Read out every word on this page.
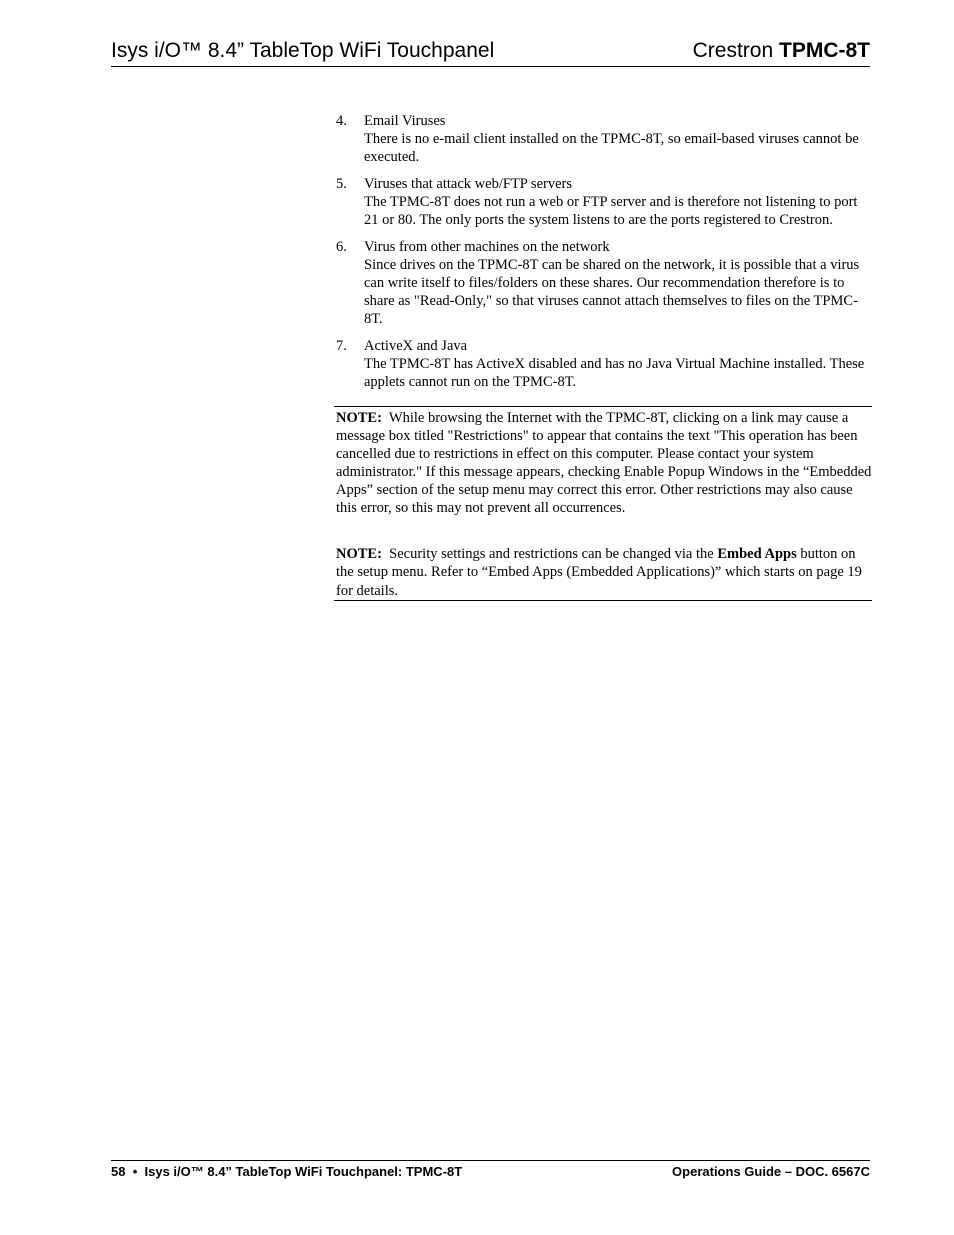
Isys i/O™ 8.4” TableTop WiFi Touchpanel	Crestron TPMC-8T
4. Email Viruses
There is no e-mail client installed on the TPMC-8T, so email-based viruses cannot be executed.
5. Viruses that attack web/FTP servers
The TPMC-8T does not run a web or FTP server and is therefore not listening to port 21 or 80. The only ports the system listens to are the ports registered to Crestron.
6. Virus from other machines on the network
Since drives on the TPMC-8T can be shared on the network, it is possible that a virus can write itself to files/folders on these shares. Our recommendation therefore is to share as "Read-Only," so that viruses cannot attach themselves to files on the TPMC-8T.
7. ActiveX and Java
The TPMC-8T has ActiveX disabled and has no Java Virtual Machine installed. These applets cannot run on the TPMC-8T.

NOTE: While browsing the Internet with the TPMC-8T, clicking on a link may cause a message box titled "Restrictions" to appear that contains the text "This operation has been cancelled due to restrictions in effect on this computer. Please contact your system administrator." If this message appears, checking Enable Popup Windows in the “Embedded Apps” section of the setup menu may correct this error. Other restrictions may also cause this error, so this may not prevent all occurrences.

NOTE: Security settings and restrictions can be changed via the Embed Apps button on the setup menu. Refer to “Embed Apps (Embedded Applications)” which starts on page 19 for details.

58 • Isys i/O™ 8.4” TableTop WiFi Touchpanel: TPMC-8T	Operations Guide – DOC. 6567C
